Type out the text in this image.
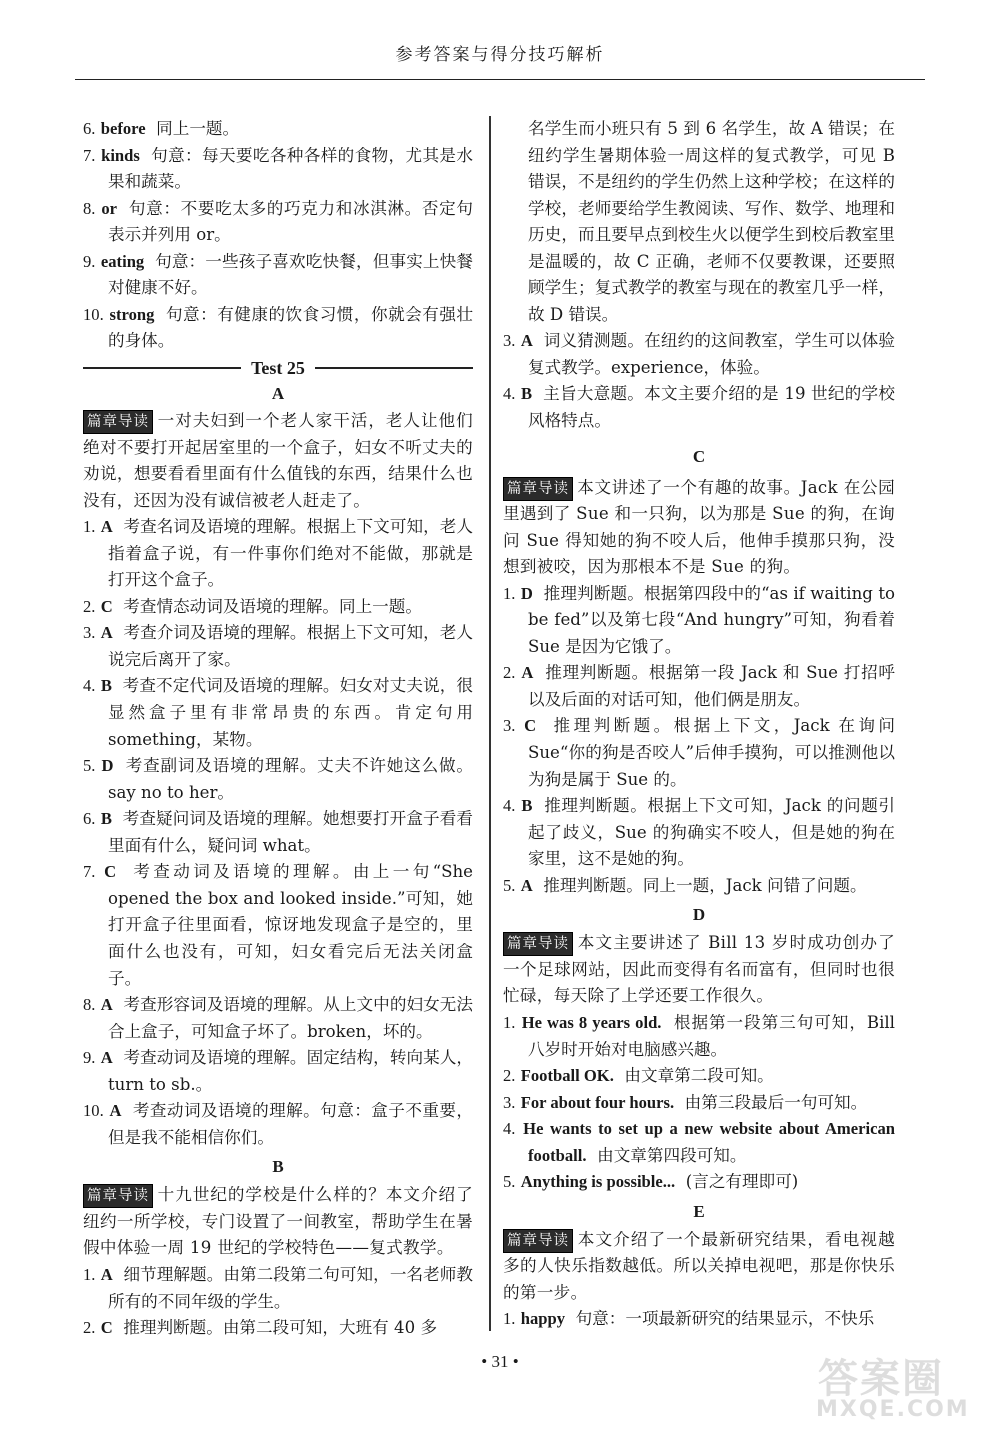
参考答案与得分技巧解析

6. before 同上一题。

7. kinds 句意：每天要吃各种各样的食物，尤其是水果和蔬菜。

8. or 句意：不要吃太多的巧克力和冰淇淋。否定句表示并列用 or。

9. eating 句意：一些孩子喜欢吃快餐，但事实上快餐对健康不好。

10. strong 句意：有健康的饮食习惯，你就会有强壮的身体。

Test 25

A

篇章导读 一对夫妇到一个老人家干活，老人让他们绝对不要打开起居室里的一个盒子，妇女不听丈夫的劝说，想要看看里面有什么值钱的东西，结果什么也没有，还因为没有诚信被老人赶走了。

1. A 考查名词及语境的理解。根据上下文可知，老人指着盒子说，有一件事你们绝对不能做，那就是打开这个盒子。

2. C 考查情态动词及语境的理解。同上一题。

3. A 考查介词及语境的理解。根据上下文可知，老人说完后离开了家。

4. B 考查不定代词及语境的理解。妇女对丈夫说，很显然盒子里有非常昂贵的东西。肯定句用 something，某物。

5. D 考查副词及语境的理解。丈夫不许她这么做。say no to her。

6. B 考查疑问词及语境的理解。她想要打开盒子看看里面有什么，疑问词 what。

7. C 考查动词及语境的理解。由上一句“She opened the box and looked inside.”可知，她打开盒子往里面看，惊讶地发现盒子是空的，里面什么也没有，可知，妇女看完后无法关闭盒子。

8. A 考查形容词及语境的理解。从上文中的妇女无法合上盒子，可知盒子坏了。broken，坏的。

9. A 考查动词及语境的理解。固定结构，转向某人，turn to sb.。

10. A 考查动词及语境的理解。句意：盒子不重要，但是我不能相信你们。

B

篇章导读 十九世纪的学校是什么样的？本文介绍了纽约一所学校，专门设置了一间教室，帮助学生在暑假中体验一周 19 世纪的学校特色——复式教学。

1. A 细节理解题。由第二段第二句可知，一名老师教所有的不同年级的学生。

2. C 推理判断题。由第二段可知，大班有 40 多

名学生而小班只有 5 到 6 名学生，故 A 错误；在纽约学生暑期体验一周这样的复式教学，可见 B 错误，不是纽约的学生仍然上这种学校；在这样的学校，老师要给学生教阅读、写作、数学、地理和历史，而且要早点到校生火以便学生到校后教室里是温暖的，故 C 正确，老师不仅要教课，还要照顾学生；复式教学的教室与现在的教室几乎一样，故 D 错误。

3. A 词义猜测题。在纽约的这间教室，学生可以体验复式教学。experience，体验。

4. B 主旨大意题。本文主要介绍的是 19 世纪的学校风格特点。

C

篇章导读 本文讲述了一个有趣的故事。Jack 在公园里遇到了 Sue 和一只狗，以为那是 Sue 的狗，在询问 Sue 得知她的狗不咬人后，他伸手摸那只狗，没想到被咬，因为那根本不是 Sue 的狗。

1. D 推理判断题。根据第四段中的“as if waiting to be fed”以及第七段“And hungry”可知，狗看着 Sue 是因为它饿了。

2. A 推理判断题。根据第一段 Jack 和 Sue 打招呼以及后面的对话可知，他们俩是朋友。

3. C 推理判断题。根据上下文，Jack 在询问 Sue“你的狗是否咬人”后伸手摸狗，可以推测他以为狗是属于 Sue 的。

4. B 推理判断题。根据上下文可知，Jack 的问题引起了歧义，Sue 的狗确实不咬人，但是她的狗在家里，这不是她的狗。

5. A 推理判断题。同上一题，Jack 问错了问题。

D

篇章导读 本文主要讲述了 Bill 13 岁时成功创办了一个足球网站，因此而变得有名而富有，但同时也很忙碌，每天除了上学还要工作很久。

1. He was 8 years old. 根据第一段第三句可知，Bill 八岁时开始对电脑感兴趣。

2. Football OK. 由文章第二段可知。

3. For about four hours. 由第三段最后一句可知。

4. He wants to set up a new website about American football. 由文章第四段可知。

5. Anything is possible... (言之有理即可)

E

篇章导读 本文介绍了一个最新研究结果，看电视越多的人快乐指数越低。所以关掉电视吧，那是你快乐的第一步。

1. happy 句意：一项最新研究的结果显示，不快乐

• 31 •	答案圈
MXQE.COM
